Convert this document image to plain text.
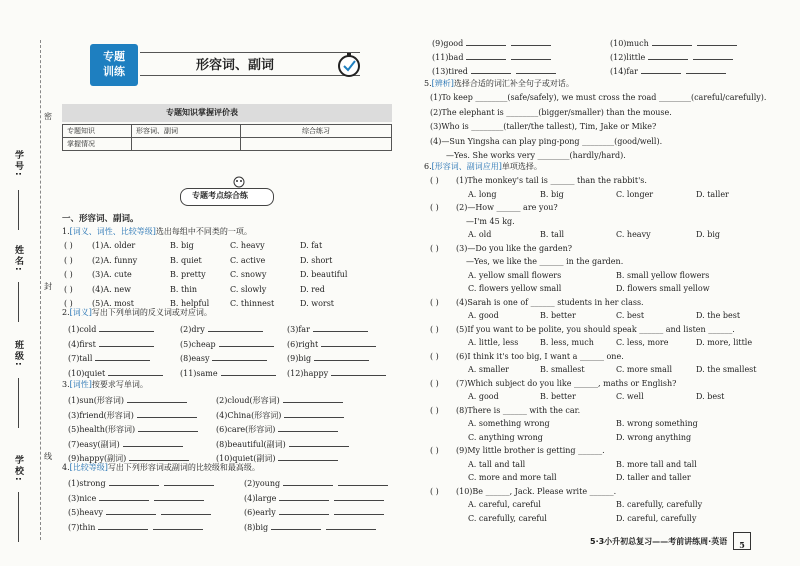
学号:
姓名:
班级:
学校:
密
封
线
专题
训练	形容词、副词
专题知识掌握评价表
专题知识	形容词、副词	综合练习
掌握情况		
专题考点综合练
一、形容词、副词。
1.[词义、词性、比较等级]选出每组中不同类的一项。
2.[词义]写出下列单词的反义词或对应词。
3.[词性]按要求写单词。
4.[比较等级]写出下列形容词或副词的比较级和最高级。
5.[辨析]选择合适的词汇补全句子或对话。
6.[形容词、副词应用]单项选择。
5·3小升初总复习——考前讲练周·英语	5
( ) (1)A. older	B. big	C. heavy	D. fat
( ) (2)A. funny	B. quiet	C. active	D. short
( ) (3)A. cute	B. pretty	C. snowy	D. beautiful
( ) (4)A. new	B. thin	C. slowly	D. red
( ) (5)A. most	B. helpful	C. thinnest	D. worst
(1)cold	(2)dry	(3)far
(4)first	(5)cheap	(6)right
(7)tall	(8)easy	(9)big
(10)quiet	(11)same	(12)happy
(1)sun(形容词)	(2)cloud(形容词)
(3)friend(形容词)	(4)China(形容词)
(5)health(形容词)	(6)care(形容词)
(7)easy(副词)	(8)beautiful(副词)
(9)happy(副词)	(10)quiet(副词)
(1)strong	(2)young
(3)nice	(4)large
(5)heavy	(6)early
(7)thin	(8)big
(9)good	(10)much
(11)bad	(12)little
(13)tired	(14)far
(1)To keep ________(safe/safely), we must cross the road ________(careful/carefully).
(2)The elephant is ________(bigger/smaller) than the mouse.
(3)Who is ________(taller/the tallest), Tim, Jake or Mike?
(4)—Sun Yingsha can play ping-pong ________(good/well).
—Yes. She works very ________(hardly/hard).
( ) (1)The monkey's tail is ______ than the rabbit's.
A. long	B. big	C. longer	D. taller
( ) (2)—How ______ are you?
—I'm 45 kg.
A. old	B. tall	C. heavy	D. big
( ) (3)—Do you like the garden?
—Yes, we like the ______ in the garden.
A. yellow small flowers	B. small yellow flowers
C. flowers yellow small	D. flowers small yellow
( ) (4)Sarah is one of ______ students in her class.
A. good	B. better	C. best	D. the best
( ) (5)If you want to be polite, you should speak ______ and listen ______.
A. little, less	B. less, much	C. less, more	D. more, little
( ) (6)I think it's too big, I want a ______ one.
A. smaller	B. smallest	C. more small	D. the smallest
( ) (7)Which subject do you like ______, maths or English?
A. good	B. better	C. well	D. best
( ) (8)There is ______ with the car.
A. something wrong	B. wrong something
C. anything wrong	D. wrong anything
( ) (9)My little brother is getting ______.
A. tall and tall	B. more tall and tall
C. more and more tall	D. taller and taller
( ) (10)Be ______, Jack. Please write ______.
A. careful, careful	B. carefully, carefully
C. carefully, careful	D. careful, carefully
